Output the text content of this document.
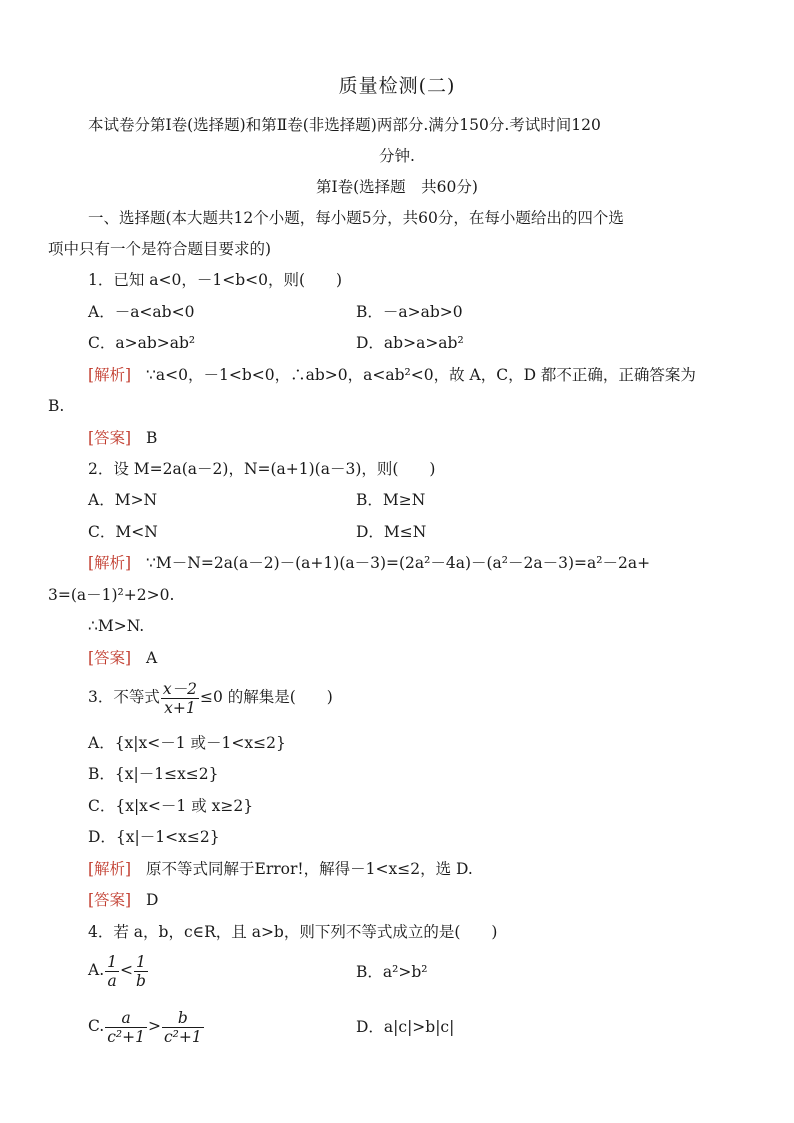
质量检测(二)
本试卷分第Ⅰ卷(选择题)和第Ⅱ卷(非选择题)两部分.满分150分.考试时间120
分钟.
第Ⅰ卷(选择题　共60分)
一、选择题(本大题共12个小题，每小题5分，共60分，在每小题给出的四个选
项中只有一个是符合题目要求的)
1．已知 a<0，－1<b<0，则(　　)
A．－a<ab<0	B．－a>ab>0
C．a>ab>ab²	D．ab>a>ab²
[解析] ∵a<0，－1<b<0，∴ab>0，a<ab²<0，故 A，C，D 都不正确，正确答案为
B.
[答案] B
2．设 M=2a(a－2)，N=(a+1)(a－3)，则(　　)
A．M>N	B．M≥N
C．M<N	D．M≤N
[解析] ∵M－N=2a(a－2)－(a+1)(a－3)=(2a²－4a)－(a²－2a－3)=a²－2a+
3=(a－1)²+2>0.
∴M>N.
[答案] A
3．不等式 $\frac{x-2}{x+1} \le 0$ 的解集是(　　)
A．{x|x<－1 或－1<x≤2}
B．{x|－1≤x≤2}
C．{x|x<－1 或 x≥2}
D．{x|－1<x≤2}
[解析] 原不等式同解于Error!，解得－1<x≤2，选 D.
[答案] D
4．若 a，b，c∈R，且 a>b，则下列不等式成立的是(　　)
A. $\frac{1}{a} < \frac{1}{b}$	B．a²>b²
C. $\frac{a}{\text{c²+1}} > \frac{b}{\text{c²+1}}$	D．a|c|>b|c|
